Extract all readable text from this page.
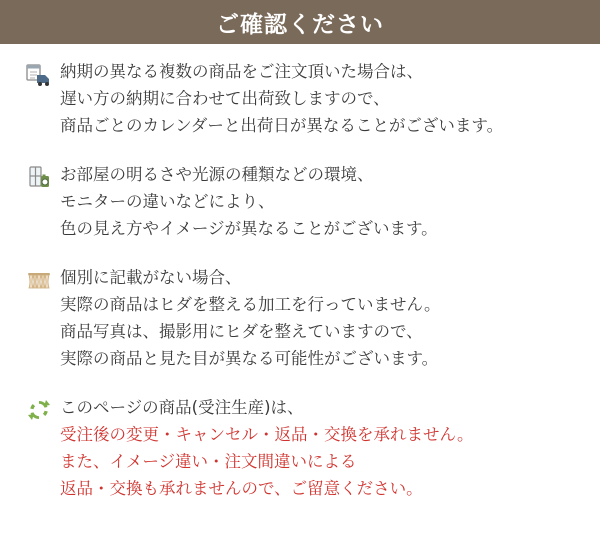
ご確認ください
納期の異なる複数の商品をご注文頂いた場合は、
遅い方の納期に合わせて出荷致しますので、
商品ごとのカレンダーと出荷日が異なることがございます。
お部屋の明るさや光源の種類などの環境、
モニターの違いなどにより、
色の見え方やイメージが異なることがございます。
個別に記載がない場合、
実際の商品はヒダを整える加工を行っていません。
商品写真は、撮影用にヒダを整えていますので、
実際の商品と見た目が異なる可能性がございます。
このページの商品(受注生産)は、
受注後の変更・キャンセル・返品・交換を承れません。
また、イメージ違い・注文間違いによる
返品・交換も承れませんので、ご留意ください。
